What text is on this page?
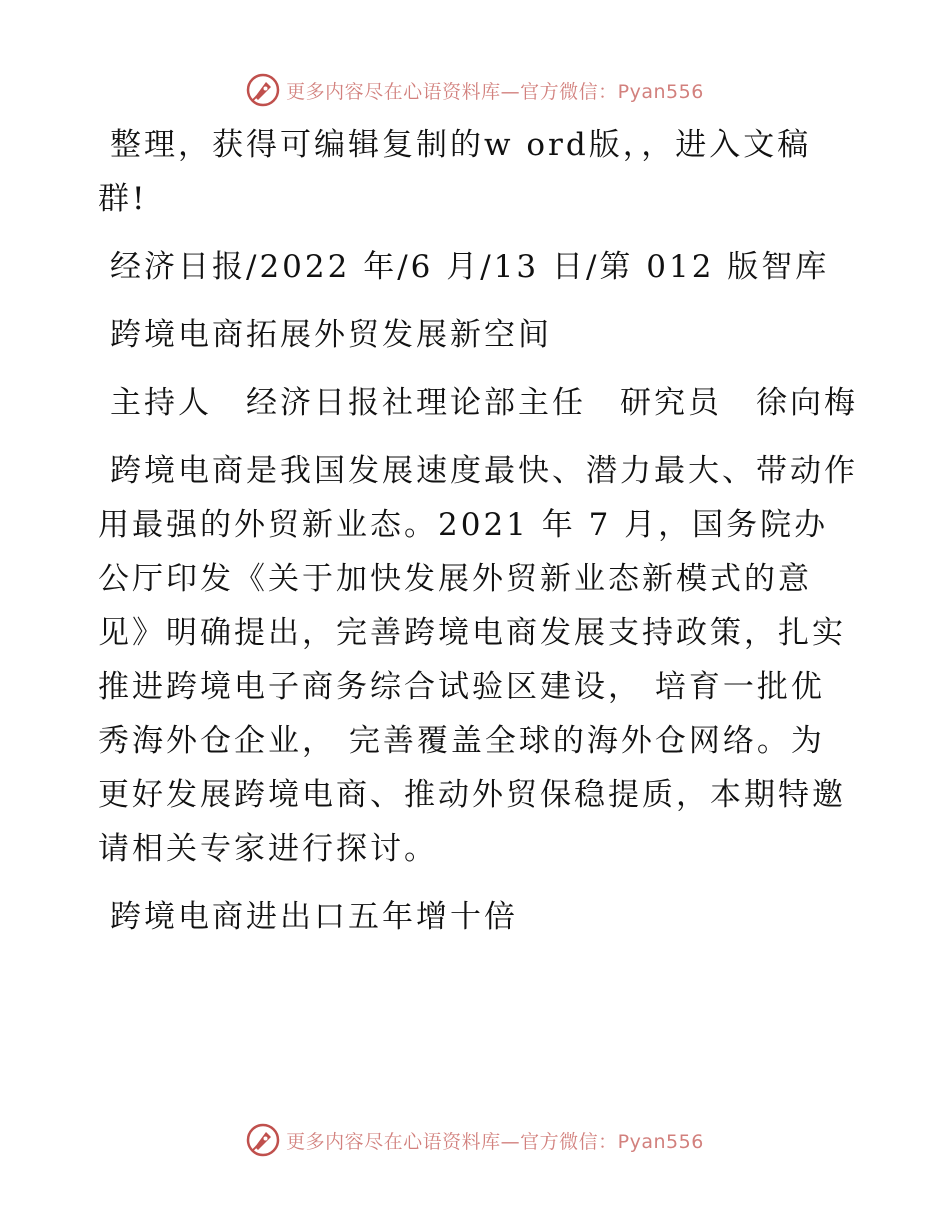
更多内容尽在心语资料库—官方微信：Pyan556

整理，获得可编辑复制的w ord版，，进入文稿群!

经济日报/2022 年/6 月/13 日/第 012 版智库

跨境电商拓展外贸发展新空间

主持人　经济日报社理论部主任　研究员　徐向梅

跨境电商是我国发展速度最快、潜力最大、带动作用最强的外贸新业态。2021 年 7 月，国务院办公厅印发《关于加快发展外贸新业态新模式的意见》明确提出，完善跨境电商发展支持政策，扎实推进跨境电子商务综合试验区建设， 培育一批优秀海外仓企业， 完善覆盖全球的海外仓网络。为更好发展跨境电商、推动外贸保稳提质，本期特邀请相关专家进行探讨。

跨境电商进出口五年增十倍

更多内容尽在心语资料库—官方微信：Pyan556
